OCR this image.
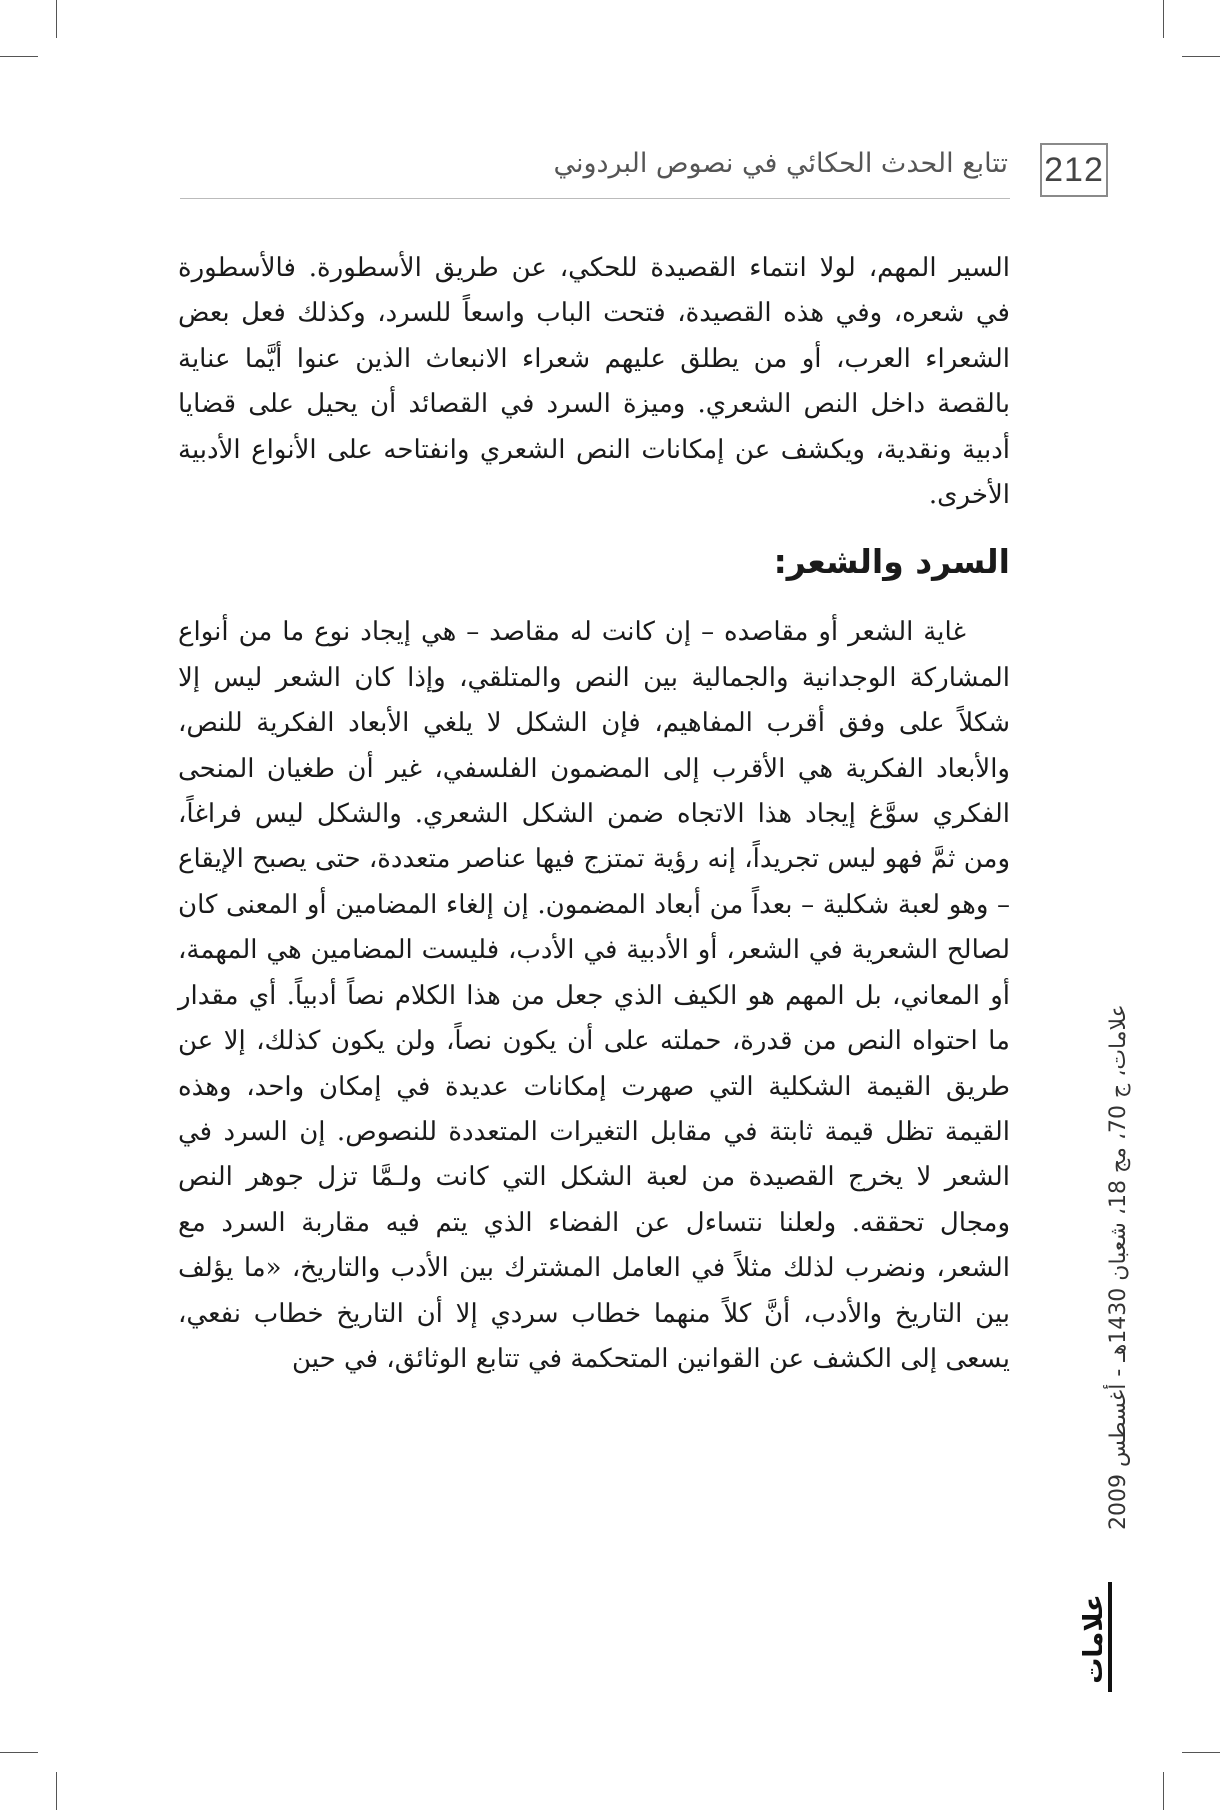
212
تتابع الحدث الحكائي في نصوص البردوني

السير المهم، لولا انتماء القصيدة للحكي، عن طريق الأسطورة. فالأسطورة في شعره، وفي هذه القصيدة، فتحت الباب واسعاً للسرد، وكذلك فعل بعض الشعراء العرب، أو من يطلق عليهم شعراء الانبعاث الذين عنوا أيَّما عناية بالقصة داخل النص الشعري. وميزة السرد في القصائد أن يحيل على قضايا أدبية ونقدية، ويكشف عن إمكانات النص الشعري وانفتاحه على الأنواع الأدبية الأخرى.

السرد والشعر:

غاية الشعر أو مقاصده – إن كانت له مقاصد – هي إيجاد نوع ما من أنواع المشاركة الوجدانية والجمالية بين النص والمتلقي، وإذا كان الشعر ليس إلا شكلاً على وفق أقرب المفاهيم، فإن الشكل لا يلغي الأبعاد الفكرية للنص، والأبعاد الفكرية هي الأقرب إلى المضمون الفلسفي، غير أن طغيان المنحى الفكري سوَّغ إيجاد هذا الاتجاه ضمن الشكل الشعري. والشكل ليس فراغاً، ومن ثمَّ فهو ليس تجريداً، إنه رؤية تمتزج فيها عناصر متعددة، حتى يصبح الإيقاع – وهو لعبة شكلية – بعداً من أبعاد المضمون. إن إلغاء المضامين أو المعنى كان لصالح الشعرية في الشعر، أو الأدبية في الأدب، فليست المضامين هي المهمة، أو المعاني، بل المهم هو الكيف الذي جعل من هذا الكلام نصاً أدبياً. أي مقدار ما احتواه النص من قدرة، حملته على أن يكون نصاً، ولن يكون كذلك، إلا عن طريق القيمة الشكلية التي صهرت إمكانات عديدة في إمكان واحد، وهذه القيمة تظل قيمة ثابتة في مقابل التغيرات المتعددة للنصوص. إن السرد في الشعر لا يخرج القصيدة من لعبة الشكل التي كانت ولـمَّا تزل جوهر النص ومجال تحققه. ولعلنا نتساءل عن الفضاء الذي يتم فيه مقاربة السرد مع الشعر، ونضرب لذلك مثلاً في العامل المشترك بين الأدب والتاريخ، «ما يؤلف بين التاريخ والأدب، أنَّ كلاً منهما خطاب سردي إلا أن التاريخ خطاب نفعي، يسعى إلى الكشف عن القوانين المتحكمة في تتابع الوثائق، في حين

علامات، ج 70، مج 18، شعبان 1430هـ - أغسطس 2009
علامات
